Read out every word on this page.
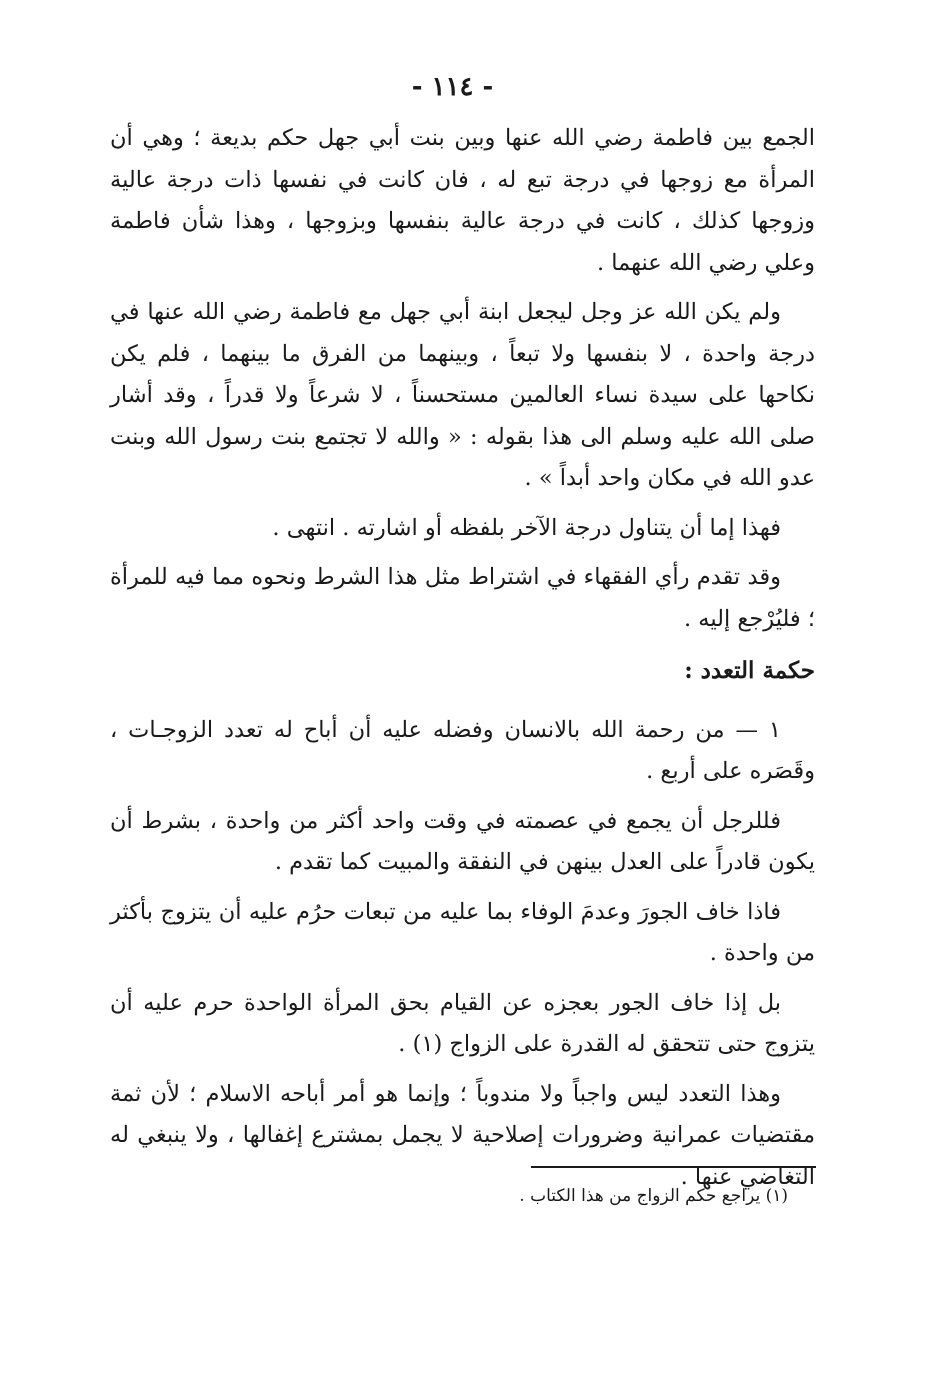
- ١١٤ -

الجمع بين فاطمة رضي الله عنها وبين بنت أبي جهل حكم بديعة ؛ وهي أن المرأة مع زوجها في درجة تبع له ، فان كانت في نفسها ذات درجة عالية وزوجها كذلك ، كانت في درجة عالية بنفسها وبزوجها ، وهذا شأن فاطمة وعلي رضي الله عنهما .

ولم يكن الله عز وجل ليجعل ابنة أبي جهل مع فاطمة رضي الله عنها في درجة واحدة ، لا بنفسها ولا تبعاً ، وبينهما من الفرق ما بينهما ، فلم يكن نكاحها على سيدة نساء العالمين مستحسناً ، لا شرعاً ولا قدراً ، وقد أشار صلى الله عليه وسلم الى هذا بقوله : « والله لا تجتمع بنت رسول الله وبنت عدو الله في مكان واحد أبداً » .

فهذا إما أن يتناول درجة الآخر بلفظه أو اشارته . انتهى .

وقد تقدم رأي الفقهاء في اشتراط مثل هذا الشرط ونحوه مما فيه للمرأة ؛ فليُرْجع إليه .

حكمة التعدد :

١ — من رحمة الله بالانسان وفضله عليه أن أباح له تعدد الزوجـات ، وقَصَره على أربع .

فللرجل أن يجمع في عصمته في وقت واحد أكثر من واحدة ، بشرط أن يكون قادراً على العدل بينهن في النفقة والمبيت كما تقدم .

فاذا خاف الجورَ وعدمَ الوفاء بما عليه من تبعات حرُم عليه أن يتزوج بأكثر من واحدة .

بل إذا خاف الجور بعجزه عن القيام بحق المرأة الواحدة حرم عليه أن يتزوج حتى تتحقق له القدرة على الزواج (١) .

وهذا التعدد ليس واجباً ولا مندوباً ؛ وإنما هو أمر أباحه الاسلام ؛ لأن ثمة مقتضيات عمرانية وضرورات إصلاحية لا يجمل بمشترع إغفالها ، ولا ينبغي له التغاضي عنها .

(١) يراجع حكم الزواج من هذا الكتاب .
